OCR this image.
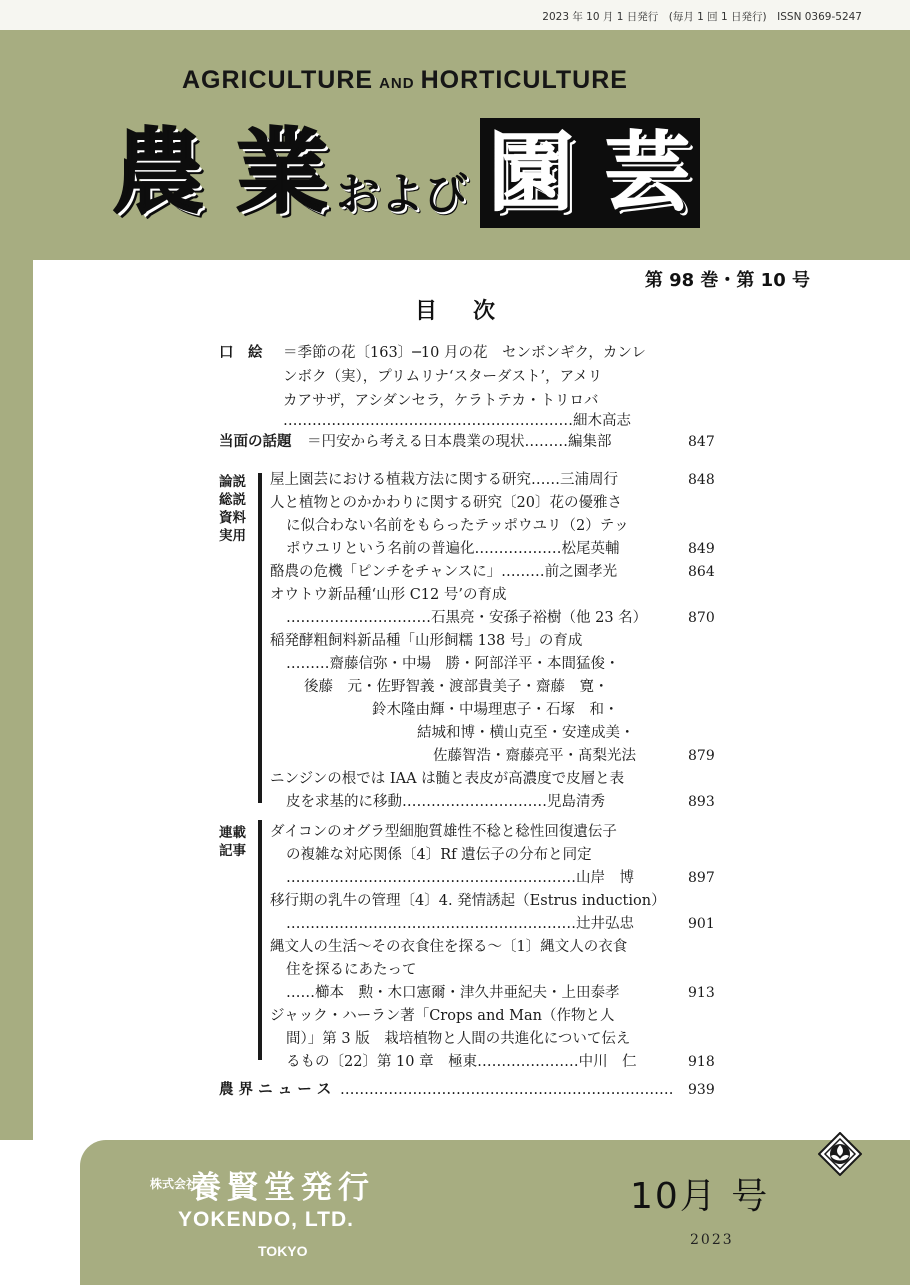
2023 年 10 月 1 日発行　(毎月 1 回 1 日発行)　ISSN 0369-5247
AGRICULTURE AND HORTICULTURE
農 業 および 園 芸
第 98 巻・第 10 号
目次
口　絵 ＝季節の花〔163〕─10 月の花　センボンギク，カンレ
ンボク（実），プリムリナ‘スターダスト’，アメリ
カアサザ，アシダンセラ，ケラトテカ・トリロバ
……………………………………………………細木高志
当面の話題 ＝円安から考える日本農業の現状………編集部	847
論説総説資料実用
屋上園芸における植栽方法に関する研究……三浦周行	848
人と植物とのかかわりに関する研究〔20〕花の優雅さ
に似合わない名前をもらったテッポウユリ（2）テッ
ポウユリという名前の普遍化………………松尾英輔	849
酪農の危機「ピンチをチャンスに」………前之園孝光	864
オウトウ新品種‘山形 C12 号’の育成
…………………………石黒亮・安孫子裕樹（他 23 名）	870
稲発酵粗飼料新品種「山形飼糯 138 号」の育成
………齋藤信弥・中場　勝・阿部洋平・本間猛俊・
後藤　元・佐野智義・渡部貴美子・齋藤　寛・
鈴木隆由輝・中場理恵子・石塚　和・
結城和博・横山克至・安達成美・
佐藤智浩・齋藤亮平・髙梨光法	879
ニンジンの根では IAA は髄と表皮が高濃度で皮層と表
皮を求基的に移動…………………………児島清秀	893
連載記事
ダイコンのオグラ型細胞質雄性不稔と稔性回復遺伝子
の複雑な対応関係〔4〕Rf 遺伝子の分布と同定
……………………………………………………山岸　博	897
移行期の乳牛の管理〔4〕4. 発情誘起（Estrus induction）
……………………………………………………辻井弘忠	901
縄文人の生活～その衣食住を探る～〔1〕縄文人の衣食
住を探るにあたって
……櫛本　勲・木口憲爾・津久井亜紀夫・上田泰孝	913
ジャック・ハーラン著「Crops and Man（作物と人
間）」第 3 版　栽培植物と人間の共進化について伝え
るもの〔22〕第 10 章　極東…………………中川　仁	918
農 界 ニ ュ ー ス ……………………………………………………………	939
株式会社養賢堂発行
YOKENDO, LTD.
TOKYO
10月 号
2023
